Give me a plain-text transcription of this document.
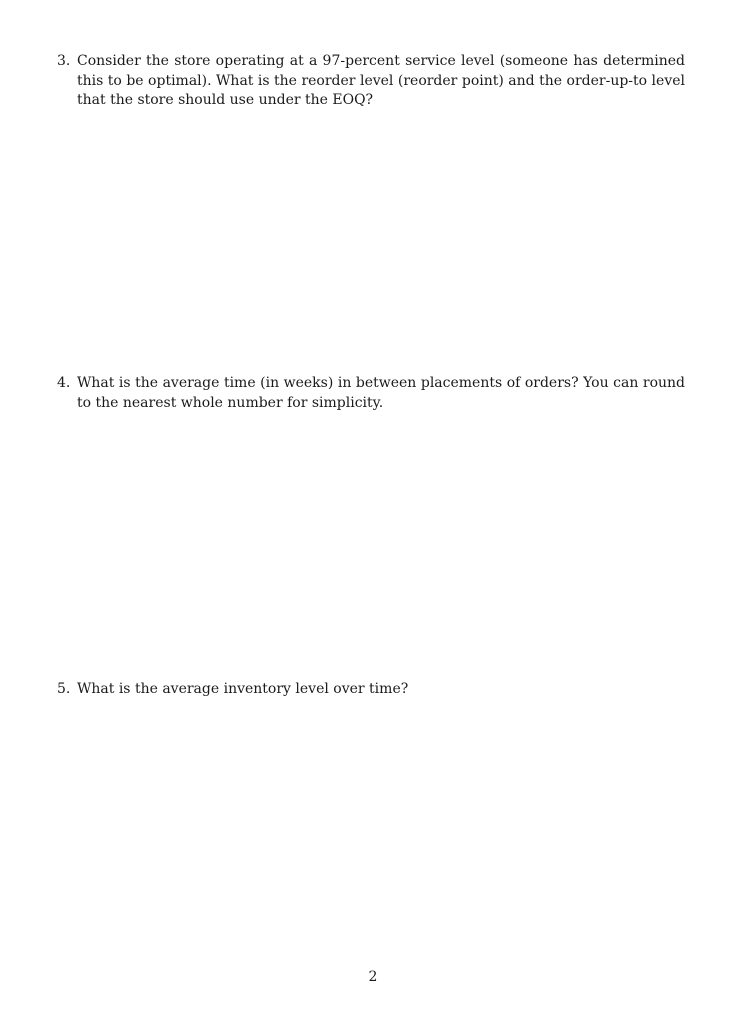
3. Consider the store operating at a 97-percent service level (someone has determined this to be optimal). What is the reorder level (reorder point) and the order-up-to level that the store should use under the EOQ?
4. What is the average time (in weeks) in between placements of orders? You can round to the nearest whole number for simplicity.
5. What is the average inventory level over time?
2
